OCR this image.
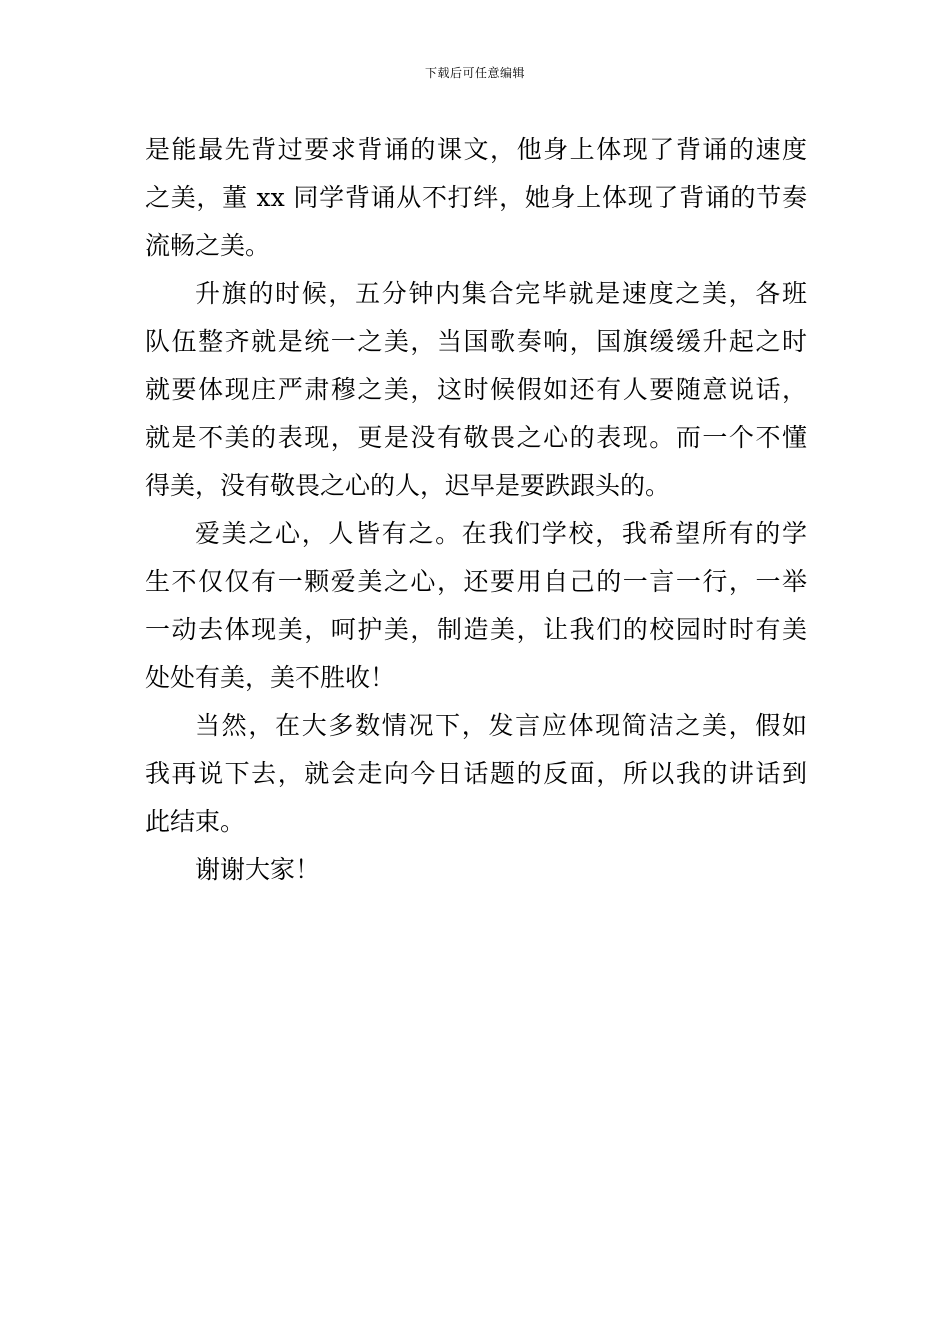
下载后可任意编辑
是能最先背过要求背诵的课文，他身上体现了背诵的速度
之美，董 xx 同学背诵从不打绊，她身上体现了背诵的节奏
流畅之美。
升旗的时候，五分钟内集合完毕就是速度之美，各班
队伍整齐就是统一之美，当国歌奏响，国旗缓缓升起之时
就要体现庄严肃穆之美，这时候假如还有人要随意说话，
就是不美的表现，更是没有敬畏之心的表现。而一个不懂
得美，没有敬畏之心的人，迟早是要跌跟头的。
爱美之心，人皆有之。在我们学校，我希望所有的学
生不仅仅有一颗爱美之心，还要用自己的一言一行，一举
一动去体现美，呵护美，制造美，让我们的校园时时有美
处处有美，美不胜收！
当然，在大多数情况下，发言应体现简洁之美，假如
我再说下去，就会走向今日话题的反面，所以我的讲话到
此结束。
谢谢大家！
